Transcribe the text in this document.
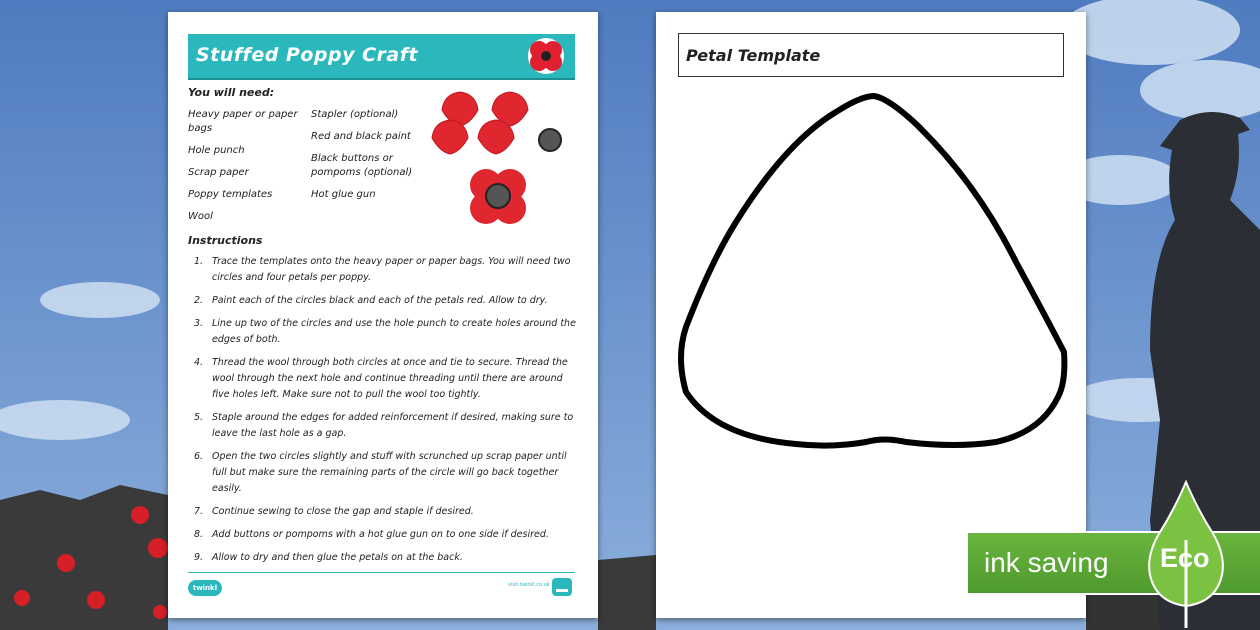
Stuffed Poppy Craft
You will need:
Heavy paper or paper bags
Hole punch
Scrap paper
Poppy templates
Wool
Stapler (optional)
Red and black paint
Black buttons or pompoms (optional)
Hot glue gun
Instructions
1. Trace the templates onto the heavy paper or paper bags. You will need two circles and four petals per poppy.
2. Paint each of the circles black and each of the petals red. Allow to dry.
3. Line up two of the circles and use the hole punch to create holes around the edges of both.
4. Thread the wool through both circles at once and tie to secure. Thread the wool through the next hole and continue threading until there are around five holes left. Make sure not to pull the wool too tightly.
5. Staple around the edges for added reinforcement if desired, making sure to leave the last hole as a gap.
6. Open the two circles slightly and stuff with scrunched up scrap paper until full but make sure the remaining parts of the circle will go back together easily.
7. Continue sewing to close the gap and staple if desired.
8. Add buttons or pompoms with a hot glue gun on to one side if desired.
9. Allow to dry and then glue the petals on at the back.
twinkl	visit twinkl.co.uk
Petal Template
ink saving Eco
